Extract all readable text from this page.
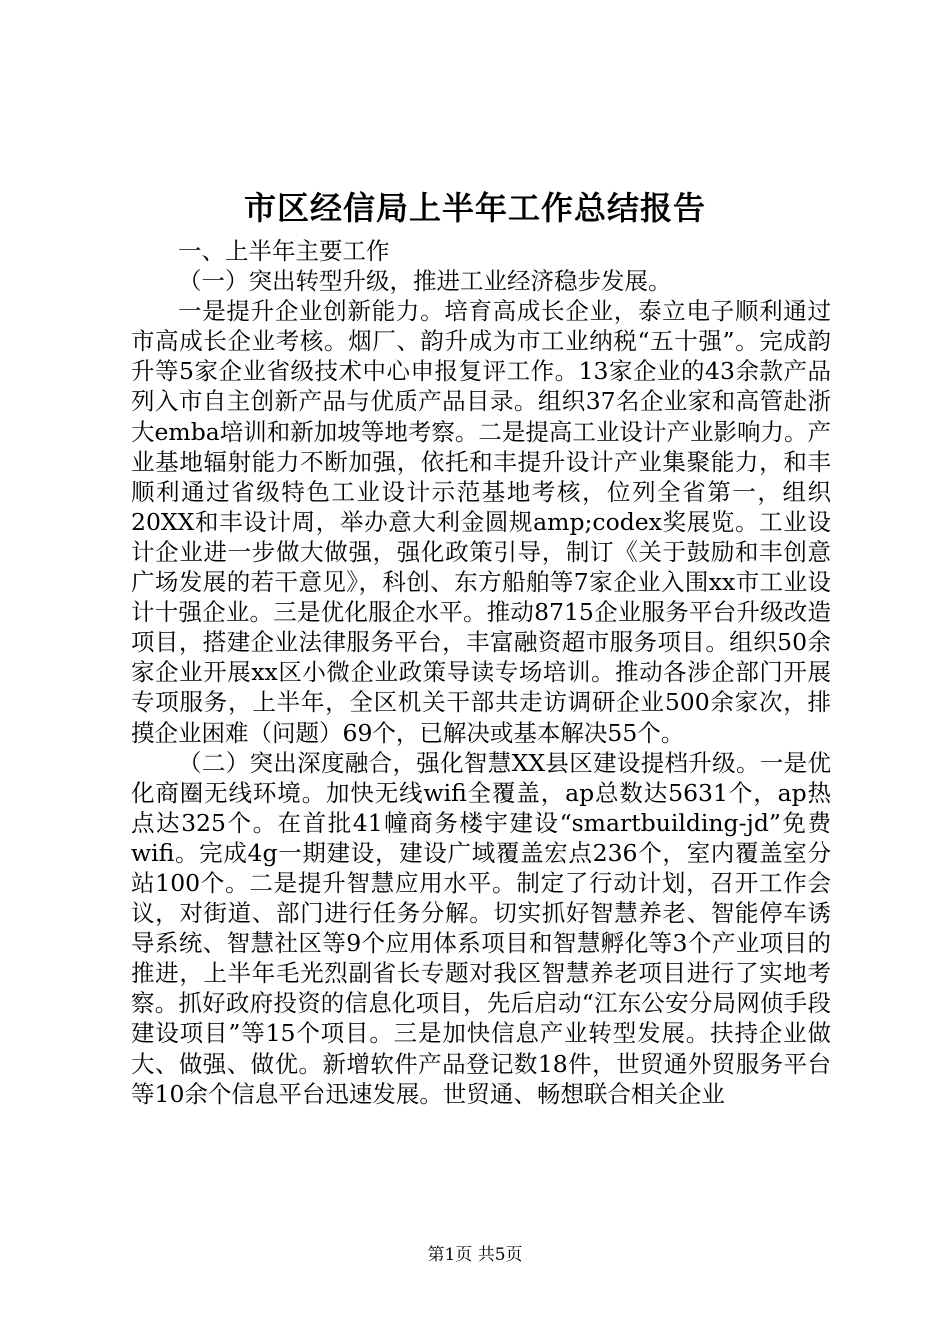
市区经信局上半年工作总结报告

一、上半年主要工作

（一）突出转型升级，推进工业经济稳步发展。

一是提升企业创新能力。培育高成长企业，泰立电子顺利通过市高成长企业考核。烟厂、韵升成为市工业纳税“五十强”。完成韵升等5家企业省级技术中心申报复评工作。13家企业的43余款产品列入市自主创新产品与优质产品目录。组织37名企业家和高管赴浙大emba培训和新加坡等地考察。二是提高工业设计产业影响力。产业基地辐射能力不断加强，依托和丰提升设计产业集聚能力，和丰顺利通过省级特色工业设计示范基地考核，位列全省第一，组织20XX和丰设计周，举办意大利金圆规amp;codex奖展览。工业设计企业进一步做大做强，强化政策引导，制订《关于鼓励和丰创意广场发展的若干意见》，科创、东方船舶等7家企业入围xx市工业设计十强企业。三是优化服企水平。推动8715企业服务平台升级改造项目，搭建企业法律服务平台，丰富融资超市服务项目。组织50余家企业开展xx区小微企业政策导读专场培训。推动各涉企部门开展专项服务，上半年，全区机关干部共走访调研企业500余家次，排摸企业困难（问题）69个，已解决或基本解决55个。

（二）突出深度融合，强化智慧XX县区建设提档升级。一是优化商圈无线环境。加快无线wifi全覆盖，ap总数达5631个，ap热点达325个。在首批41幢商务楼宇建设“smartbuilding-jd”免费wifi。完成4g一期建设，建设广域覆盖宏点236个，室内覆盖室分站100个。二是提升智慧应用水平。制定了行动计划，召开工作会议，对街道、部门进行任务分解。切实抓好智慧养老、智能停车诱导系统、智慧社区等9个应用体系项目和智慧孵化等3个产业项目的推进，上半年毛光烈副省长专题对我区智慧养老项目进行了实地考察。抓好政府投资的信息化项目，先后启动“江东公安分局网侦手段建设项目”等15个项目。三是加快信息产业转型发展。扶持企业做大、做强、做优。新增软件产品登记数18件，世贸通外贸服务平台等10余个信息平台迅速发展。世贸通、畅想联合相关企业

第1页 共5页
